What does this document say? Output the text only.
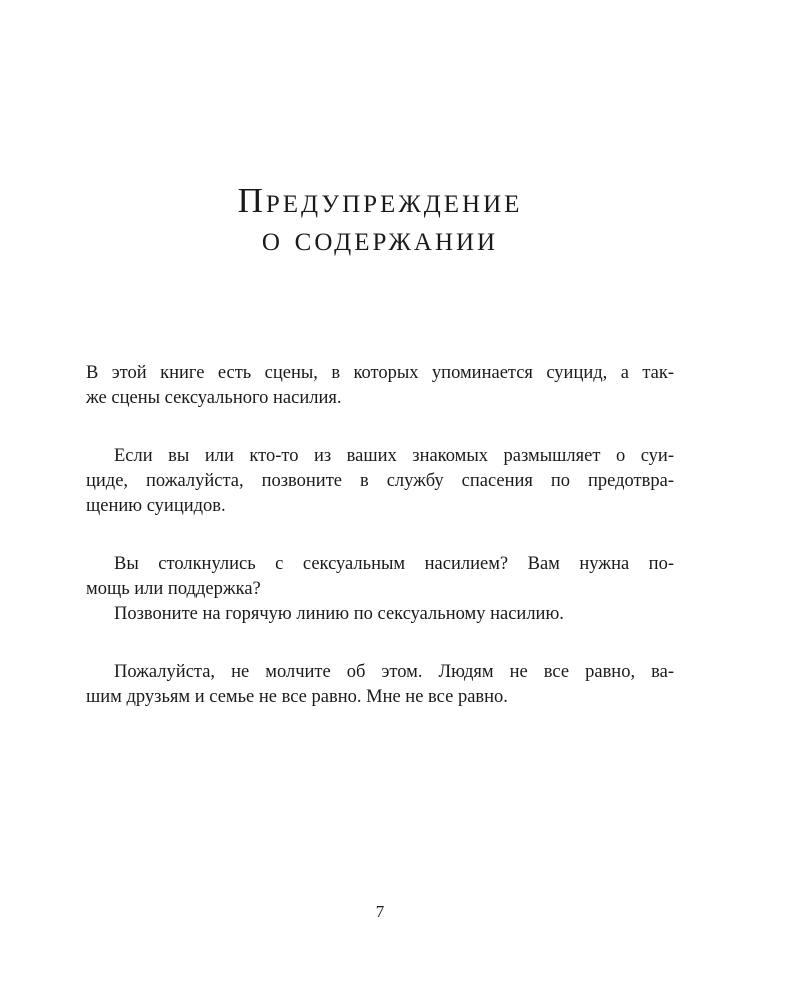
Предупреждение
о содержании

В этой книге есть сцены, в которых упоминается суицид, а так-
же сцены сексуального насилия.

Если вы или кто-то из ваших знакомых размышляет о суи-
циде, пожалуйста, позвоните в службу спасения по предотвра-
щению суицидов.

Вы столкнулись с сексуальным насилием? Вам нужна по-
мощь или поддержка?

Позвоните на горячую линию по сексуальному насилию.

Пожалуйста, не молчите об этом. Людям не все равно, ва-
шим друзьям и семье не все равно. Мне не все равно.

7
